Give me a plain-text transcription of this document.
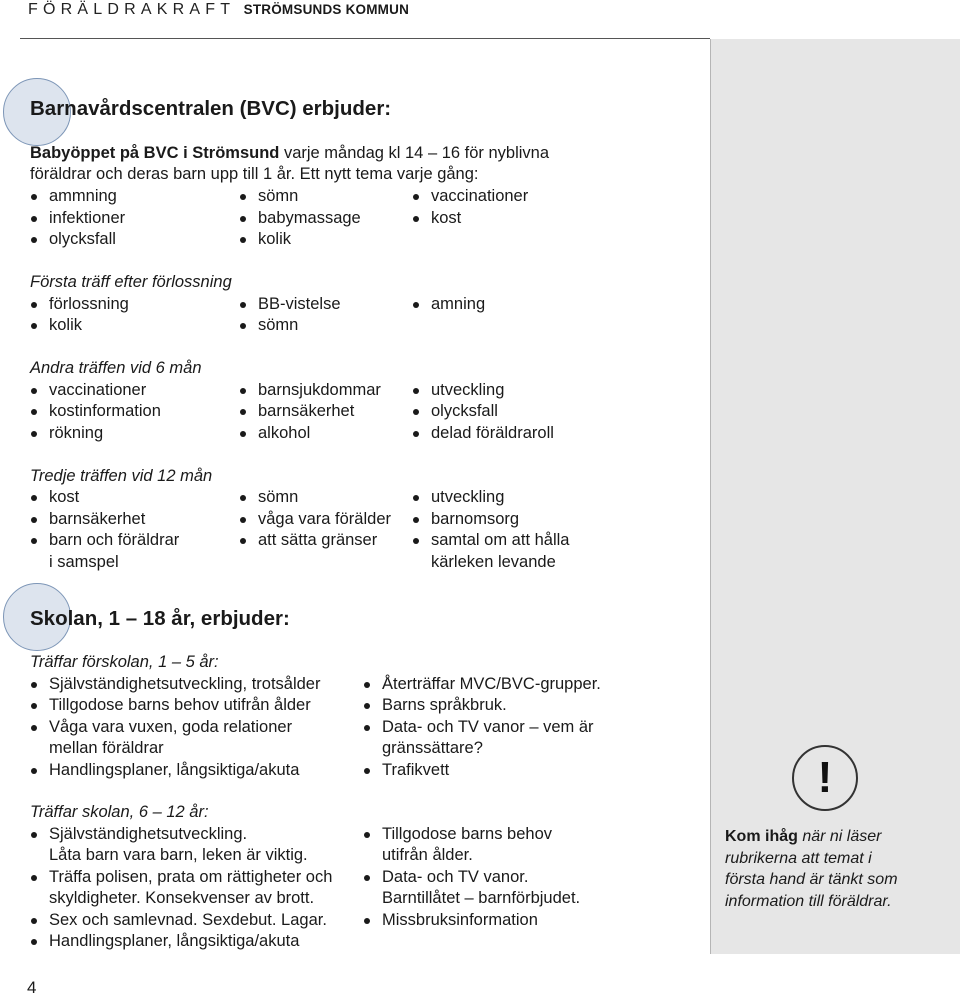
FÖRÄLDRAKRAFT STRÖMSUNDS KOMMUN
Barnavårdscentralen (BVC) erbjuder:
Babyöppet på BVC i Strömsund varje måndag kl 14 – 16 för nyblivna
föräldrar och deras barn upp till 1 år. Ett nytt tema varje gång:
ammning
infektioner
olycksfall
sömn
babymassage
kolik
vaccinationer
kost
Första träff efter förlossning
förlossning
kolik
BB-vistelse
sömn
amning
Andra träffen vid 6 mån
vaccinationer
kostinformation
rökning
barnsjukdommar
barnsäkerhet
alkohol
utveckling
olycksfall
delad föräldraroll
Tredje träffen vid 12 mån
kost
barnsäkerhet
barn och föräldrar
i samspel
sömn
våga vara förälder
att sätta gränser
utveckling
barnomsorg
samtal om att hålla
kärleken levande
Skolan, 1 – 18 år, erbjuder:
Träffar förskolan, 1 – 5 år:
Självständighetsutveckling, trotsålder
Tillgodose barns behov utifrån ålder
Våga vara vuxen, goda relationer
mellan föräldrar
Handlingsplaner, långsiktiga/akuta
Återträffar MVC/BVC-grupper.
Barns språkbruk.
Data- och TV vanor – vem är
gränssättare?
Trafikvett
Träffar skolan, 6 – 12 år:
Självständighetsutveckling.
Låta barn vara barn, leken är viktig.
Träffa polisen, prata om rättigheter och
skyldigheter. Konsekvenser av brott.
Sex och samlevnad. Sexdebut. Lagar.
Handlingsplaner, långsiktiga/akuta
Tillgodose barns behov
utifrån ålder.
Data- och TV vanor.
Barntillåtet – barnförbjudet.
Missbruksinformation
!
Kom ihåg när ni läser
rubrikerna att temat i
första hand är tänkt som
information till föräldrar.
4
